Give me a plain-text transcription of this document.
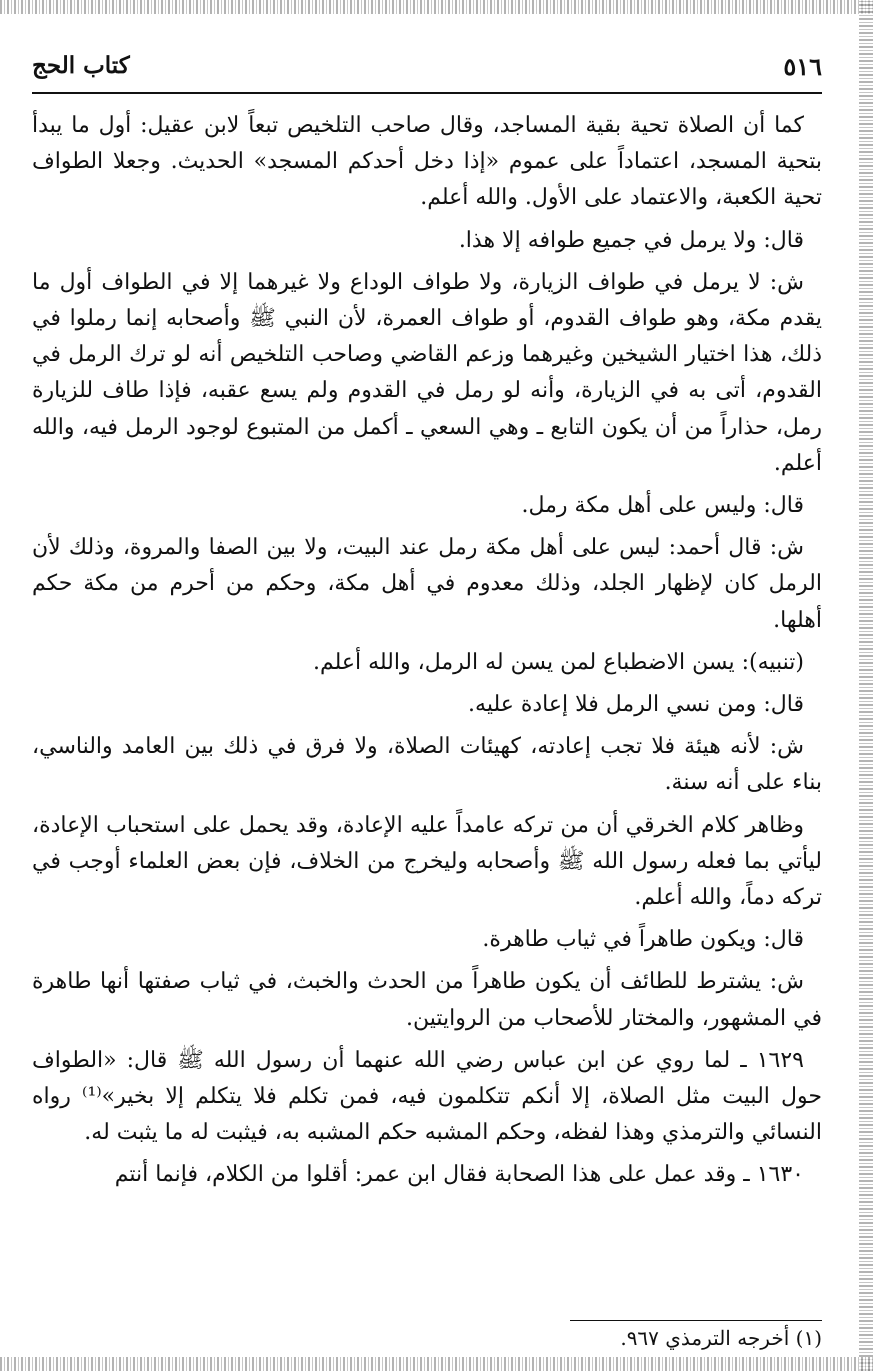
٥١٦
كتاب الحج

كما أن الصلاة تحية بقية المساجد، وقال صاحب التلخيص تبعاً لابن عقيل: أول ما يبدأ بتحية المسجد، اعتماداً على عموم «إذا دخل أحدكم المسجد» الحديث. وجعلا الطواف تحية الكعبة، والاعتماد على الأول. والله أعلم.

قال: ولا يرمل في جميع طوافه إلا هذا.

ش: لا يرمل في طواف الزيارة، ولا طواف الوداع ولا غيرهما إلا في الطواف أول ما يقدم مكة، وهو طواف القدوم، أو طواف العمرة، لأن النبي ﷺ وأصحابه إنما رملوا في ذلك، هذا اختيار الشيخين وغيرهما وزعم القاضي وصاحب التلخيص أنه لو ترك الرمل في القدوم، أتى به في الزيارة، وأنه لو رمل في القدوم ولم يسع عقبه، فإذا طاف للزيارة رمل، حذاراً من أن يكون التابع ـ وهي السعي ـ أكمل من المتبوع لوجود الرمل فيه، والله أعلم.

قال: وليس على أهل مكة رمل.

ش: قال أحمد: ليس على أهل مكة رمل عند البيت، ولا بين الصفا والمروة، وذلك لأن الرمل كان لإظهار الجلد، وذلك معدوم في أهل مكة، وحكم من أحرم من مكة حكم أهلها.

(تنبيه): يسن الاضطباع لمن يسن له الرمل، والله أعلم.

قال: ومن نسي الرمل فلا إعادة عليه.

ش: لأنه هيئة فلا تجب إعادته، كهيئات الصلاة، ولا فرق في ذلك بين العامد والناسي، بناء على أنه سنة.

وظاهر كلام الخرقي أن من تركه عامداً عليه الإعادة، وقد يحمل على استحباب الإعادة، ليأتي بما فعله رسول الله ﷺ وأصحابه وليخرج من الخلاف، فإن بعض العلماء أوجب في تركه دماً، والله أعلم.

قال: ويكون طاهراً في ثياب طاهرة.

ش: يشترط للطائف أن يكون طاهراً من الحدث والخبث، في ثياب صفتها أنها طاهرة في المشهور، والمختار للأصحاب من الروايتين.

١٦٢٩ ـ لما روي عن ابن عباس رضي الله عنهما أن رسول الله ﷺ قال: «الطواف حول البيت مثل الصلاة، إلا أنكم تتكلمون فيه، فمن تكلم فلا يتكلم إلا بخير»⁽¹⁾ رواه النسائي والترمذي وهذا لفظه، وحكم المشبه حكم المشبه به، فيثبت له ما يثبت له.

١٦٣٠ ـ وقد عمل على هذا الصحابة فقال ابن عمر: أقلوا من الكلام، فإنما أنتم

(١) أخرجه الترمذي ٩٦٧.
